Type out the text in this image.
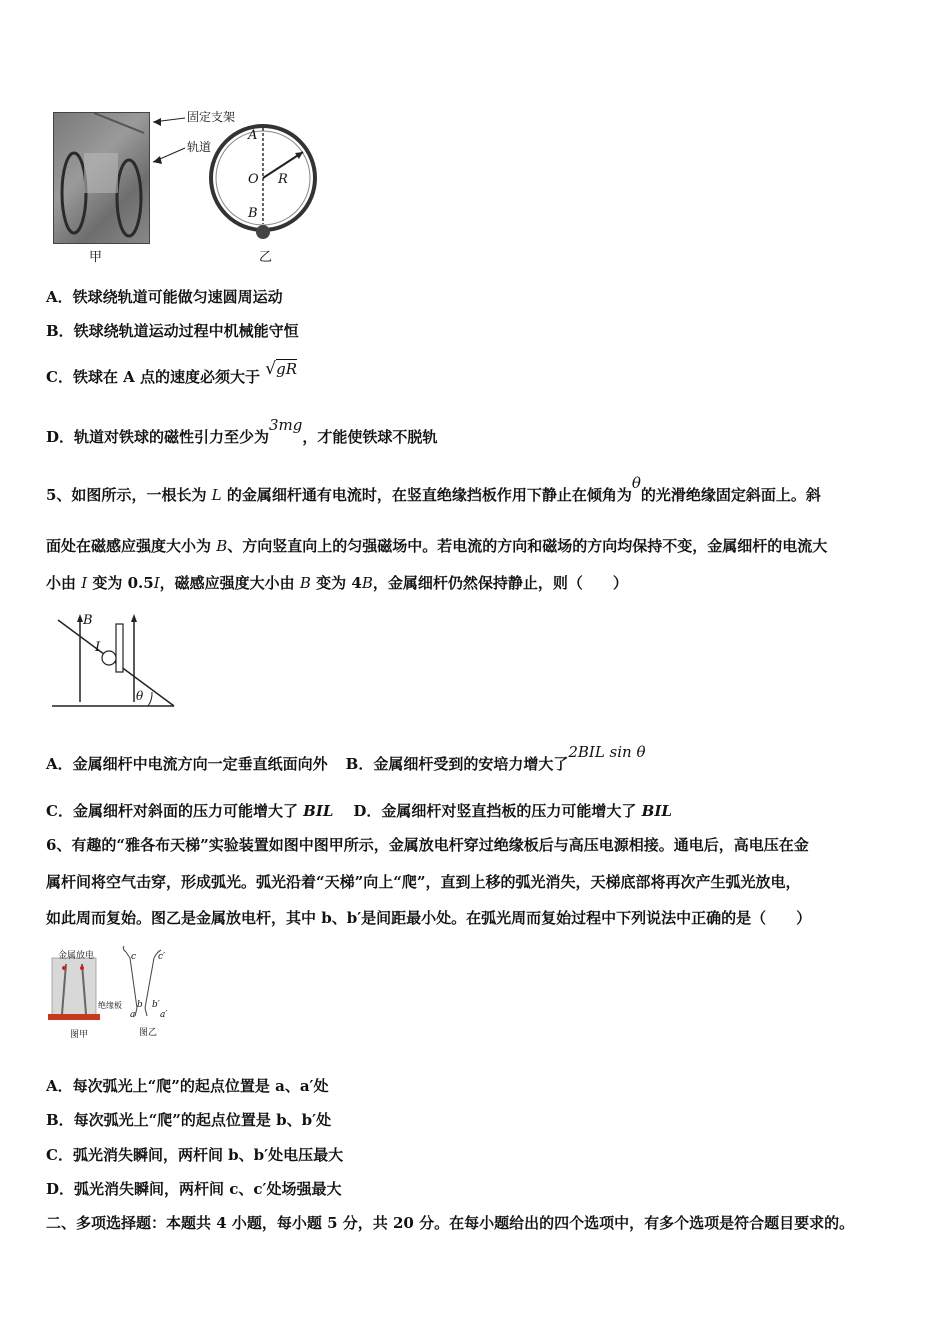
甲
固定支架
轨道
A
O
B
R
乙
A．铁球绕轨道可能做匀速圆周运动
B．铁球绕轨道运动过程中机械能守恒
C．铁球在 A 点的速度必须大于 √gR
D．轨道对铁球的磁性引力至少为3mg，才能使铁球不脱轨
5、如图所示，一根长为 L 的金属细杆通有电流时，在竖直绝缘挡板作用下静止在倾角为θ的光滑绝缘固定斜面上。斜
面处在磁感应强度大小为 B、方向竖直向上的匀强磁场中。若电流的方向和磁场的方向均保持不变，金属细杆的电流大
小由 I 变为 0.5I，磁感应强度大小由 B 变为 4B，金属细杆仍然保持静止，则（　　）
B
I
θ
A．金属细杆中电流方向一定垂直纸面向外 B．金属细杆受到的安培力增大了2BIL sin θ
C．金属细杆对斜面的压力可能增大了 BIL D．金属细杆对竖直挡板的压力可能增大了 BIL
6、有趣的“雅各布天梯”实验装置如图中图甲所示，金属放电杆穿过绝缘板后与高压电源相接。通电后，高电压在金
属杆间将空气击穿，形成弧光。弧光沿着“天梯”向上“爬”，直到上移的弧光消失，天梯底部将再次产生弧光放电，
如此周而复始。图乙是金属放电杆，其中 b、b′是间距最小处。在弧光周而复始过程中下列说法中正确的是（　　）
金属放电
绝缘板
图甲	图乙
c c′
b b′
a	a′
A．每次弧光上“爬”的起点位置是 a、a′处
B．每次弧光上“爬”的起点位置是 b、b′处
C．弧光消失瞬间，两杆间 b、b′处电压最大
D．弧光消失瞬间，两杆间 c、c′处场强最大
二、多项选择题：本题共 4 小题，每小题 5 分，共 20 分。在每小题给出的四个选项中，有多个选项是符合题目要求的。
